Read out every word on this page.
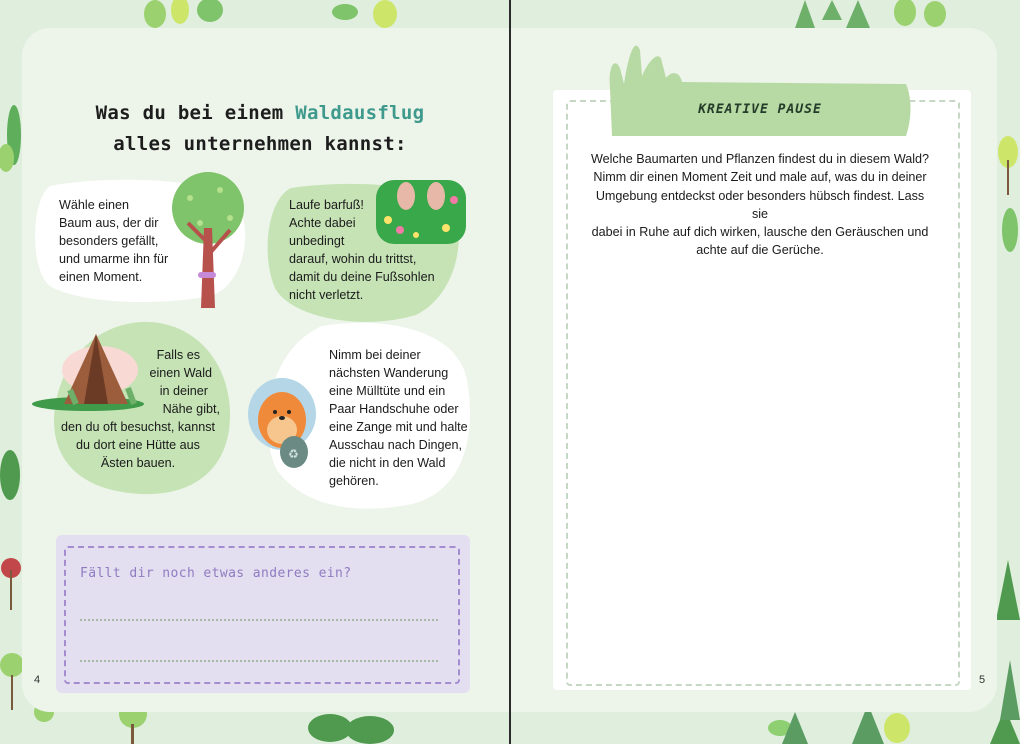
Was du bei einem Waldausflug
alles unternehmen kannst:
Wähle einen
Baum aus, der dir
besonders gefällt,
und umarme ihn für
einen Moment.
Laufe barfuß!
Achte dabei
unbedingt
darauf, wohin du trittst,
damit du deine Fußsohlen
nicht verletzt.
Falls es
einen Wald
in deiner
Nähe gibt,
den du oft besuchst, kannst
du dort eine Hütte aus
Ästen bauen.
♻
Nimm bei deiner
nächsten Wanderung
eine Mülltüte und ein
Paar Handschuhe oder
eine Zange mit und halte
Ausschau nach Dingen,
die nicht in den Wald
gehören.
Fällt dir noch etwas anderes ein?
4
KREATIVE PAUSE
Welche Baumarten und Pflanzen findest du in diesem Wald?
Nimm dir einen Moment Zeit und male auf, was du in deiner
Umgebung entdeckst oder besonders hübsch findest. Lass sie
dabei in Ruhe auf dich wirken, lausche den Geräuschen und
achte auf die Gerüche.
5
